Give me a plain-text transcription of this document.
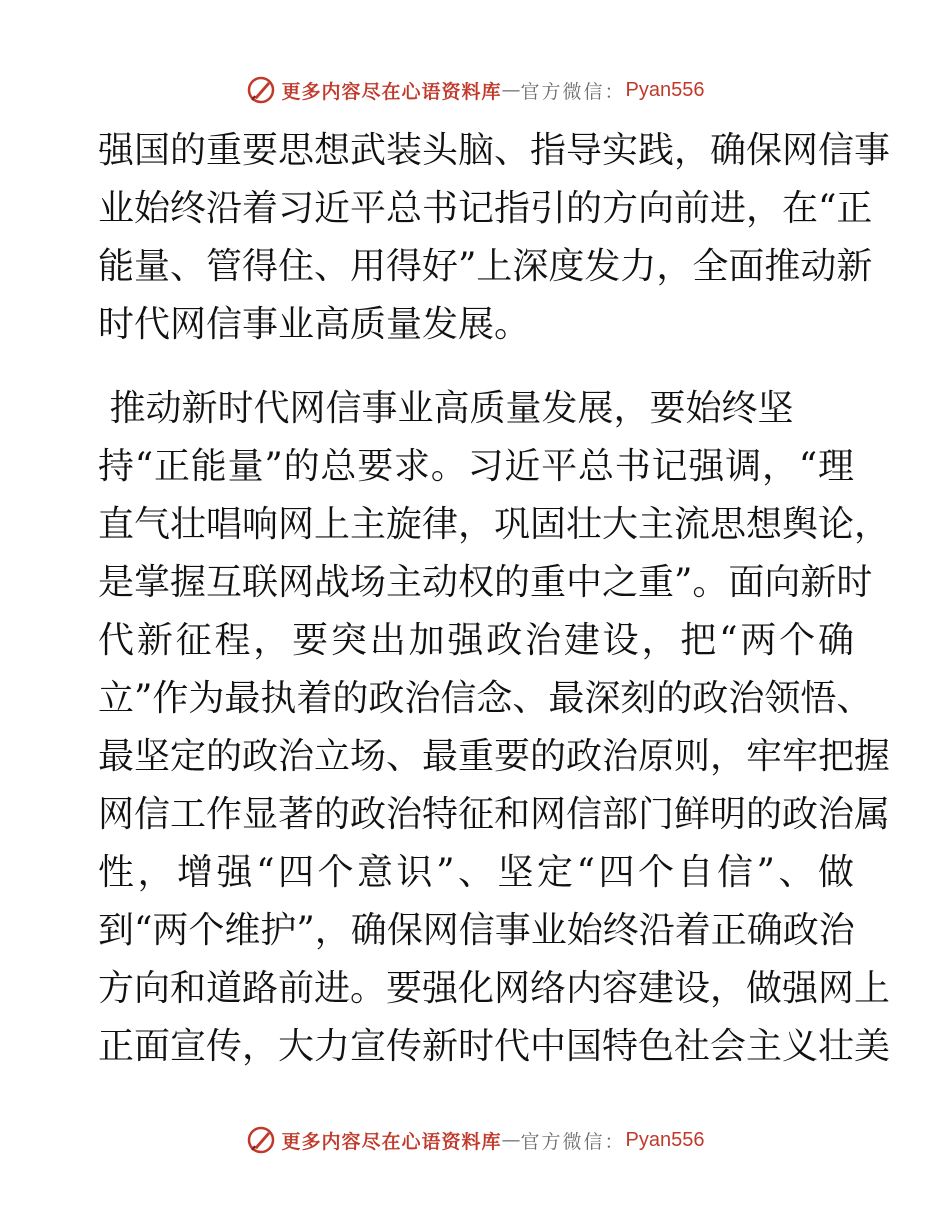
更多内容尽在心语资料库 — 官方微信： Pyan556
强国的重要思想武装头脑、指导实践，确保网信事
业始终沿着习近平总书记指引的方向前进，在“正
能量、管得住、用得好”上深度发力，全面推动新
时代网信事业高质量发展。
推动新时代网信事业高质量发展，要始终坚
持“正能量”的总要求。习近平总书记强调，“理
直气壮唱响网上主旋律，巩固壮大主流思想舆论，
是掌握互联网战场主动权的重中之重”。面向新时
代新征程，要突出加强政治建设，把“两个确
立”作为最执着的政治信念、最深刻的政治领悟、
最坚定的政治立场、最重要的政治原则，牢牢把握
网信工作显著的政治特征和网信部门鲜明的政治属
性，增强“四个意识”、坚定“四个自信”、做
到“两个维护”，确保网信事业始终沿着正确政治
方向和道路前进。要强化网络内容建设，做强网上
正面宣传，大力宣传新时代中国特色社会主义壮美
更多内容尽在心语资料库 — 官方微信： Pyan556
